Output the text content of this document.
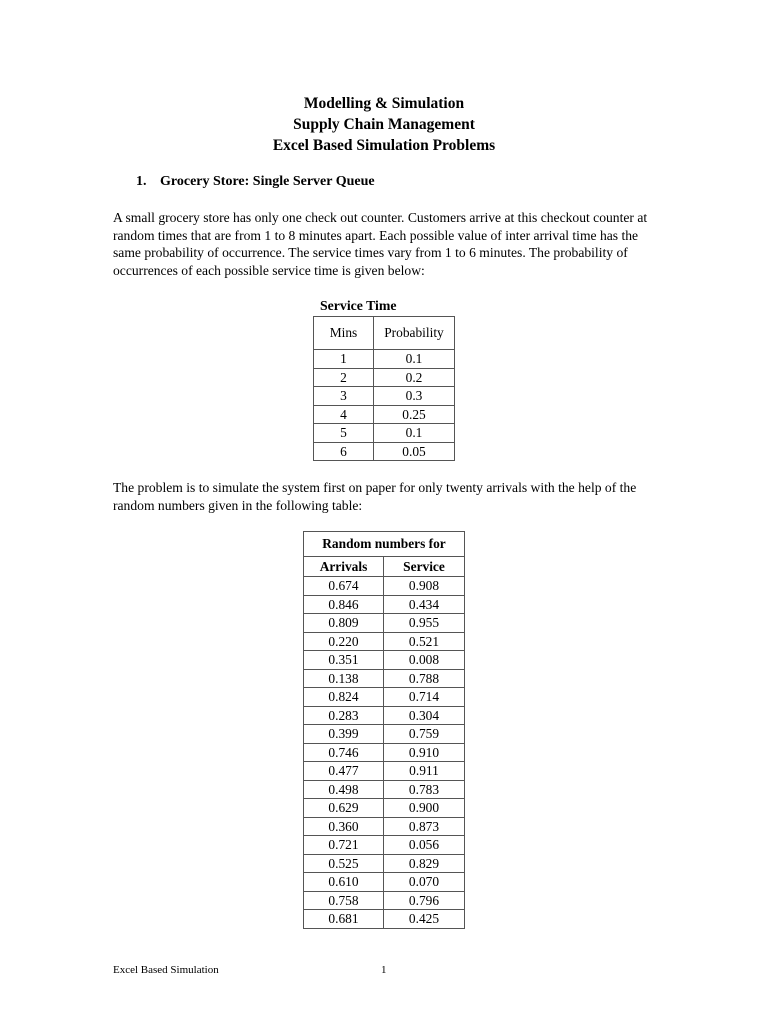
Modelling & Simulation
Supply Chain Management
Excel Based Simulation Problems
1. Grocery Store: Single Server Queue

A small grocery store has only one check out counter. Customers arrive at this checkout counter at random times that are from 1 to 8 minutes apart. Each possible value of inter arrival time has the same probability of occurrence. The service times vary from 1 to 6 minutes. The probability of occurrences of each possible service time is given below:

Service Time
Mins	Probability
1	0.1
2	0.2
3	0.3
4	0.25
5	0.1
6	0.05

The problem is to simulate the system first on paper for only twenty arrivals with the help of the random numbers given in the following table:

Random numbers for	
Arrivals	Service
0.674	0.908
0.846	0.434
0.809	0.955
0.220	0.521
0.351	0.008
0.138	0.788
0.824	0.714
0.283	0.304
0.399	0.759
0.746	0.910
0.477	0.911
0.498	0.783
0.629	0.900
0.360	0.873
0.721	0.056
0.525	0.829
0.610	0.070
0.758	0.796
0.681	0.425
Excel Based Simulation	1
